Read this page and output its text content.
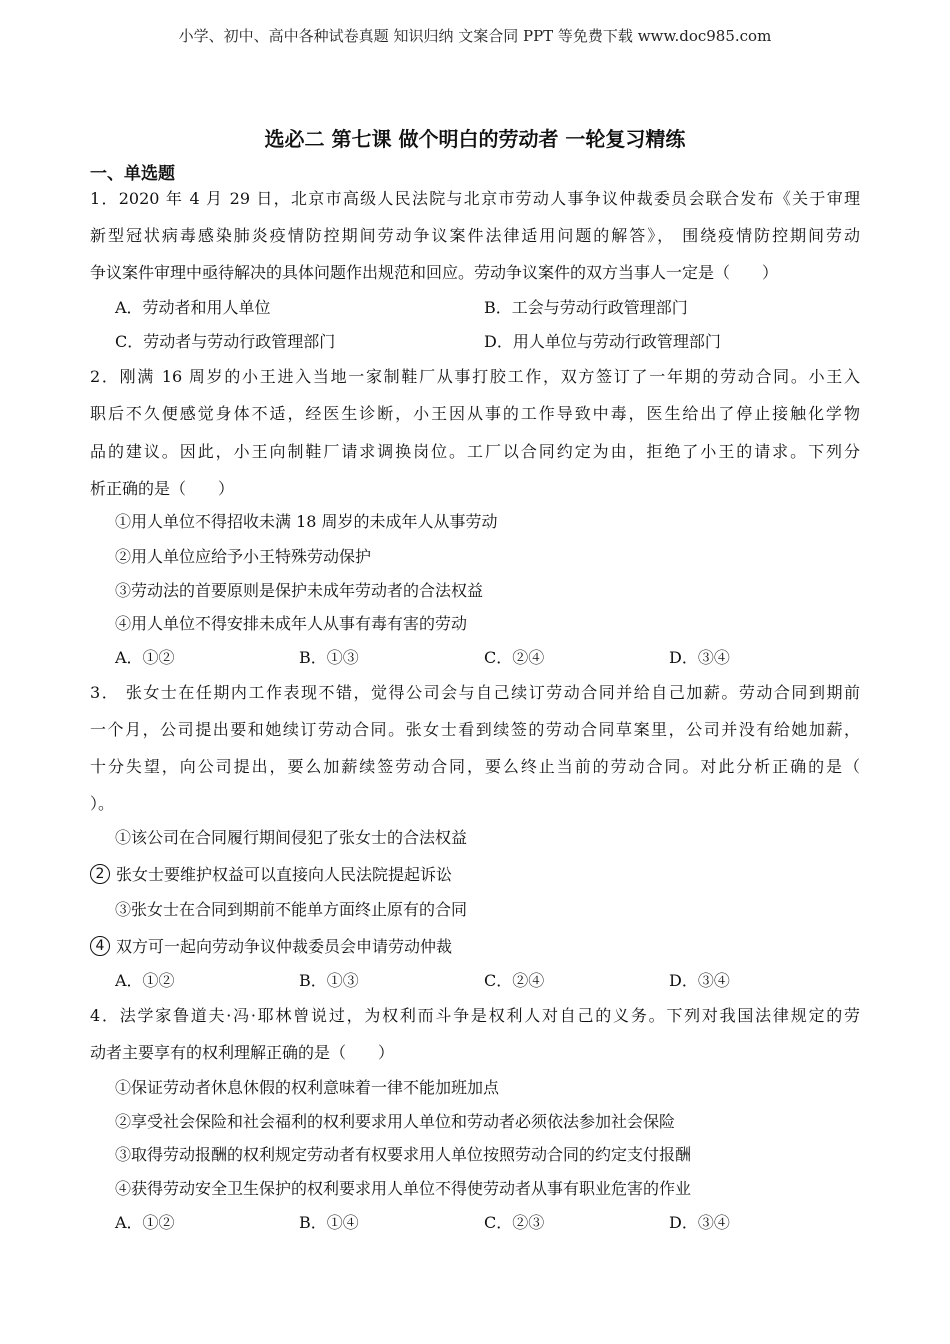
小学、初中、高中各种试卷真题 知识归纳 文案合同 PPT 等免费下载 www.doc985.com
选必二 第七课 做个明白的劳动者 一轮复习精练
一、单选题
1．2020 年 4 月 29 日，北京市高级人民法院与北京市劳动人事争议仲裁委员会联合发布《关于审理
新型冠状病毒感染肺炎疫情防控期间劳动争议案件法律适用问题的解答》， 围绕疫情防控期间劳动
争议案件审理中亟待解决的具体问题作出规范和回应。劳动争议案件的双方当事人一定是（　　）
A．劳动者和用人单位	B．工会与劳动行政管理部门
C．劳动者与劳动行政管理部门	D．用人单位与劳动行政管理部门
2．刚满 16 周岁的小王进入当地一家制鞋厂从事打胶工作，双方签订了一年期的劳动合同。小王入
职后不久便感觉身体不适，经医生诊断，小王因从事的工作导致中毒，医生给出了停止接触化学物
品的建议。因此，小王向制鞋厂请求调换岗位。工厂以合同约定为由，拒绝了小王的请求。下列分
析正确的是（　　）
①用人单位不得招收未满 18 周岁的未成年人从事劳动
②用人单位应给予小王特殊劳动保护
③劳动法的首要原则是保护未成年劳动者的合法权益
④用人单位不得安排未成年人从事有毒有害的劳动
A．①②	B．①③	C．②④	D．③④
3． 张女士在任期内工作表现不错，觉得公司会与自己续订劳动合同并给自己加薪。劳动合同到期前
一个月，公司提出要和她续订劳动合同。张女士看到续签的劳动合同草案里，公司并没有给她加薪，
十分失望，向公司提出，要么加薪续签劳动合同，要么终止当前的劳动合同。对此分析正确的是（
）。
①该公司在合同履行期间侵犯了张女士的合法权益
2 张女士要维护权益可以直接向人民法院提起诉讼
③张女士在合同到期前不能单方面终止原有的合同
4 双方可一起向劳动争议仲裁委员会申请劳动仲裁
A．①②	B．①③	C．②④	D．③④
4．法学家鲁道夫·冯·耶林曾说过，为权利而斗争是权利人对自己的义务。下列对我国法律规定的劳
动者主要享有的权利理解正确的是（　　）
①保证劳动者休息休假的权利意味着一律不能加班加点
②享受社会保险和社会福利的权利要求用人单位和劳动者必须依法参加社会保险
③取得劳动报酬的权利规定劳动者有权要求用人单位按照劳动合同的约定支付报酬
④获得劳动安全卫生保护的权利要求用人单位不得使劳动者从事有职业危害的作业
A．①②	B．①④	C．②③	D．③④
